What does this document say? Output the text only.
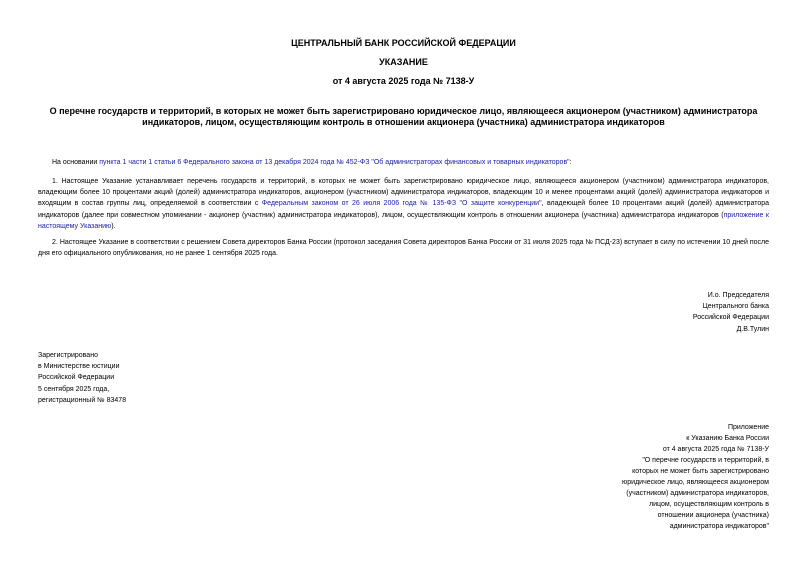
ЦЕНТРАЛЬНЫЙ БАНК РОССИЙСКОЙ ФЕДЕРАЦИИ
УКАЗАНИЕ
от 4 августа 2025 года № 7138-У
О перечне государств и территорий, в которых не может быть зарегистрировано юридическое лицо, являющееся акционером (участником) администратора индикаторов, лицом, осуществляющим контроль в отношении акционера (участника) администратора индикаторов
На основании пункта 1 части 1 статьи 6 Федерального закона от 13 декабря 2024 года № 452-ФЗ "Об администраторах финансовых и товарных индикаторов":
1. Настоящее Указание устанавливает перечень государств и территорий, в которых не может быть зарегистрировано юридическое лицо, являющееся акционером (участником) администратора индикаторов, владеющим более 10 процентами акций (долей) администратора индикаторов, акционером (участником) администратора индикаторов, владеющим 10 и менее процентами акций (долей) администратора индикаторов и входящим в состав группы лиц, определяемой в соответствии с Федеральным законом от 26 июля 2006 года № 135-ФЗ "О защите конкуренции", владеющей более 10 процентами акций (долей) администратора индикаторов (далее при совместном упоминании - акционер (участник) администратора индикаторов), лицом, осуществляющим контроль в отношении акционера (участника) администратора индикаторов (приложение к настоящему Указанию).
2. Настоящее Указание в соответствии с решением Совета директоров Банка России (протокол заседания Совета директоров Банка России от 31 июля 2025 года № ПСД-23) вступает в силу по истечении 10 дней после дня его официального опубликования, но не ранее 1 сентября 2025 года.
И.о. Председателя
Центрального банка
Российской Федерации
Д.В.Тулин
Зарегистрировано
в Министерстве юстиции
Российской Федерации
5 сентября 2025 года,
регистрационный № 83478
Приложение
к Указанию Банка России
от 4 августа 2025 года № 7138-У
"О перечне государств и территорий, в
которых не может быть зарегистрировано
юридическое лицо, являющееся акционером
(участником) администратора индикаторов,
лицом, осуществляющим контроль в
отношении акционера (участника)
администратора индикаторов"
